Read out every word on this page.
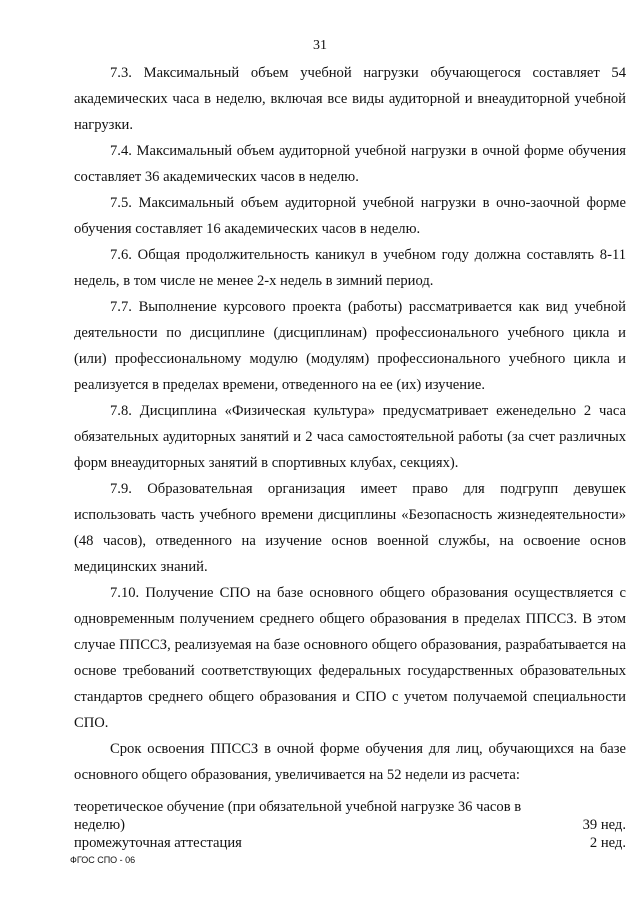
31

7.3. Максимальный объем учебной нагрузки обучающегося составляет 54 академических часа в неделю, включая все виды аудиторной и внеаудиторной учебной нагрузки.

7.4. Максимальный объем аудиторной учебной нагрузки в очной форме обучения составляет 36 академических часов в неделю.

7.5. Максимальный объем аудиторной учебной нагрузки в очно-заочной форме обучения составляет 16 академических часов в неделю.

7.6. Общая продолжительность каникул в учебном году должна составлять 8-11 недель, в том числе не менее 2-х недель в зимний период.

7.7. Выполнение курсового проекта (работы) рассматривается как вид учебной деятельности по дисциплине (дисциплинам) профессионального учебного цикла и (или) профессиональному модулю (модулям) профессионального учебного цикла и реализуется в пределах времени, отведенного на ее (их) изучение.

7.8. Дисциплина «Физическая культура» предусматривает еженедельно 2 часа обязательных аудиторных занятий и 2 часа самостоятельной работы (за счет различных форм внеаудиторных занятий в спортивных клубах, секциях).

7.9. Образовательная организация имеет право для подгрупп девушек использовать часть учебного времени дисциплины «Безопасность жизнедеятельности» (48 часов), отведенного на изучение основ военной службы, на освоение основ медицинских знаний.

7.10. Получение СПО на базе основного общего образования осуществляется с одновременным получением среднего общего образования в пределах ППССЗ. В этом случае ППССЗ, реализуемая на базе основного общего образования, разрабатывается на основе требований соответствующих федеральных государственных образовательных стандартов среднего общего образования и СПО с учетом получаемой специальности СПО.

Срок освоения ППССЗ в очной форме обучения для лиц, обучающихся на базе основного общего образования, увеличивается на 52 недели из расчета:

теоретическое обучение (при обязательной учебной нагрузке 36 часов в неделю)	39 нед.
промежуточная аттестация	2 нед.
ФГОС СПО - 06
